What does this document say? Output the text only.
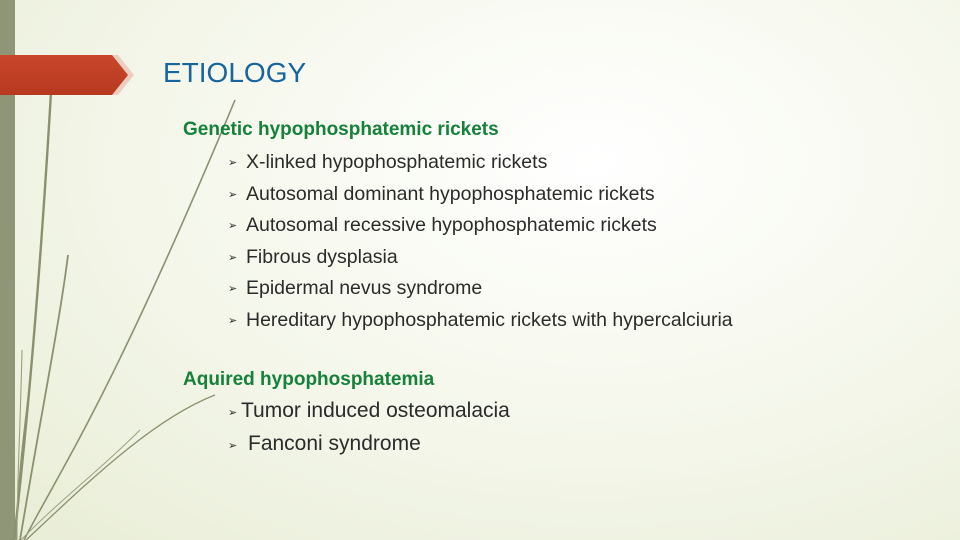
ETIOLOGY
Genetic hypophosphatemic rickets
➢ X-linked hypophosphatemic rickets
➢ Autosomal dominant hypophosphatemic rickets
➢ Autosomal recessive hypophosphatemic rickets
➢ Fibrous dysplasia
➢ Epidermal nevus syndrome
➢ Hereditary hypophosphatemic rickets with hypercalciuria
Aquired hypophosphatemia
➢ Tumor induced osteomalacia
➢ Fanconi syndrome
